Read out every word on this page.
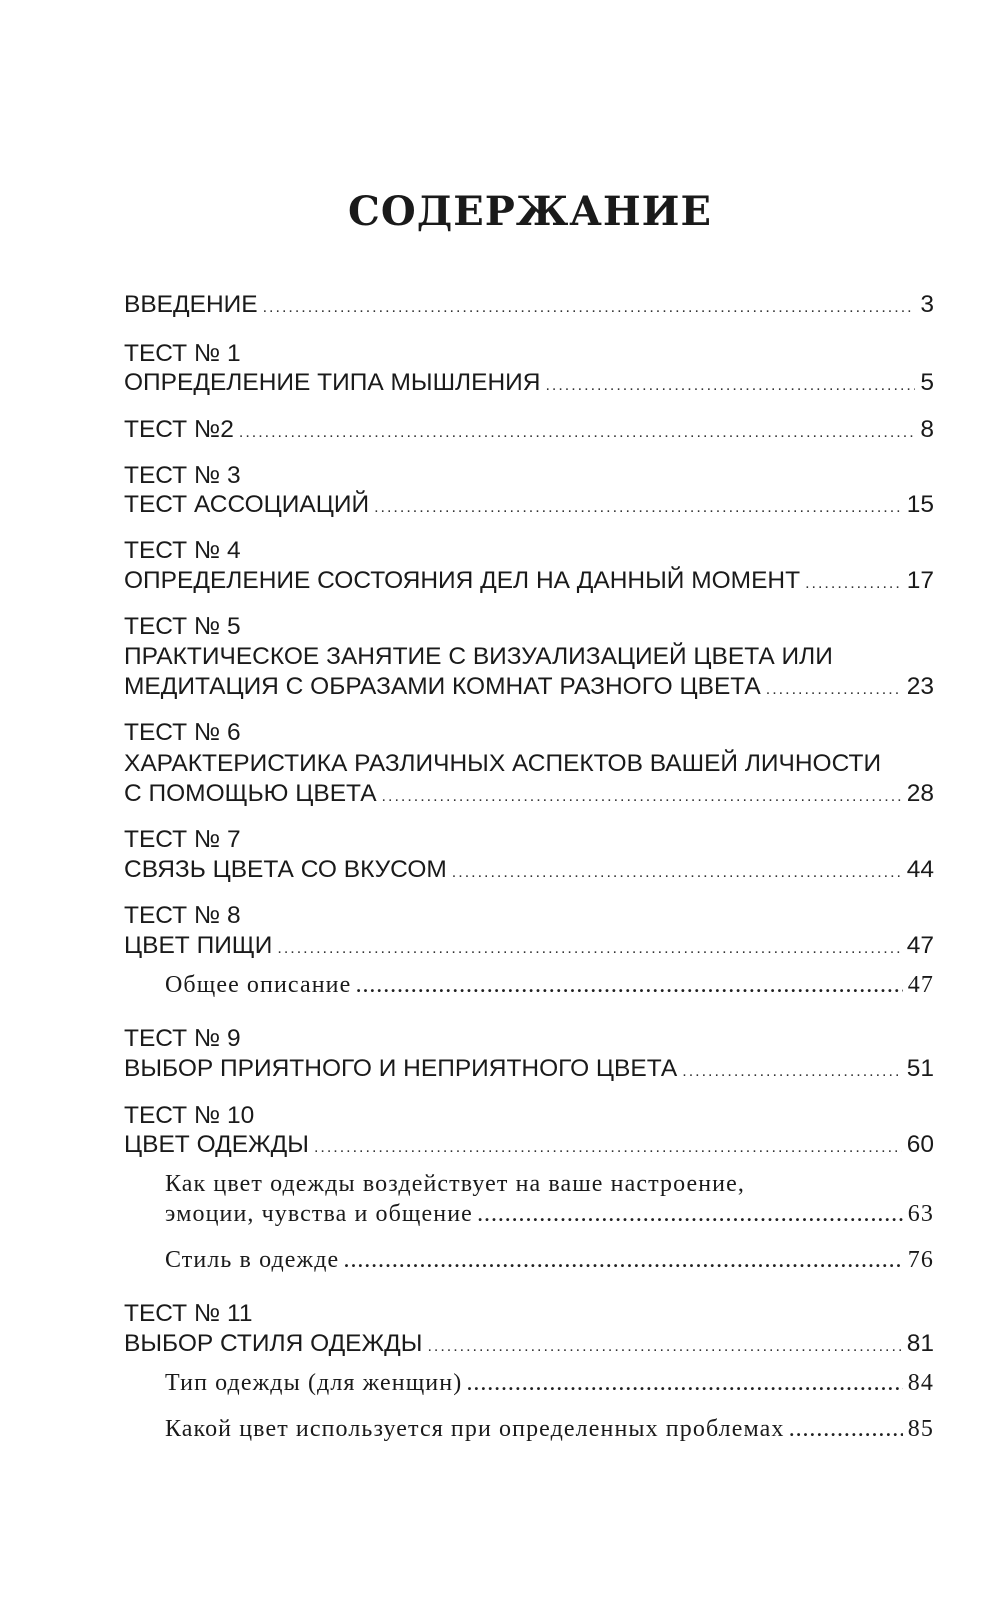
СОДЕРЖАНИЕ
ВВЕДЕНИЕ .....	3
ТЕСТ № 1
ОПРЕДЕЛЕНИЕ ТИПА МЫШЛЕНИЯ .....	5
ТЕСТ №2 .....	8
ТЕСТ № 3
ТЕСТ АССОЦИАЦИЙ .....	15
ТЕСТ № 4
ОПРЕДЕЛЕНИЕ СОСТОЯНИЯ ДЕЛ НА ДАННЫЙ МОМЕНТ .....	17
ТЕСТ № 5
ПРАКТИЧЕСКОЕ ЗАНЯТИЕ С ВИЗУАЛИЗАЦИЕЙ ЦВЕТА ИЛИ
МЕДИТАЦИЯ С ОБРАЗАМИ КОМНАТ РАЗНОГО ЦВЕТА .....	23
ТЕСТ № 6
ХАРАКТЕРИСТИКА РАЗЛИЧНЫХ АСПЕКТОВ ВАШЕЙ ЛИЧНОСТИ
С ПОМОЩЬЮ ЦВЕТА .....	28
ТЕСТ № 7
СВЯЗЬ ЦВЕТА СО ВКУСОМ .....	44
ТЕСТ № 8
ЦВЕТ ПИЩИ .....	47
Общее описание .....	47
ТЕСТ № 9
ВЫБОР ПРИЯТНОГО И НЕПРИЯТНОГО ЦВЕТА .....	51
ТЕСТ № 10
ЦВЕТ ОДЕЖДЫ .....	60
Как цвет одежды воздействует на ваше настроение,
эмоции, чувства и общение .....	63
Стиль в одежде .....	76
ТЕСТ № 11
ВЫБОР СТИЛЯ ОДЕЖДЫ .....	81
Тип одежды (для женщин) .....	84
Какой цвет используется при определенных проблемах .....	85
